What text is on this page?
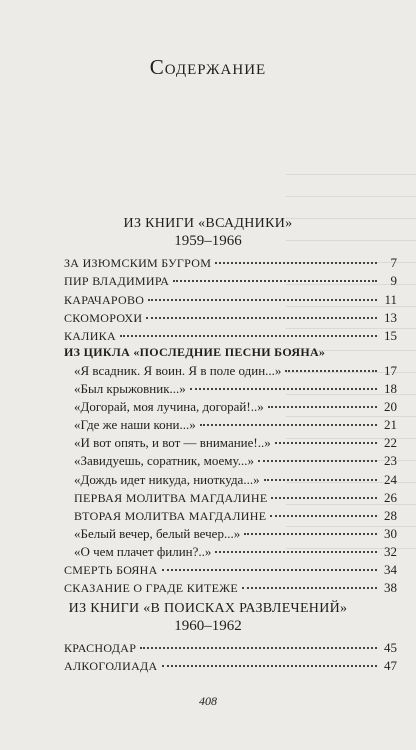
Содержание
ИЗ КНИГИ «ВСАДНИКИ»
1959–1966
ЗА ИЗЮМСКИМ БУГРОМ	7
ПИР ВЛАДИМИРА	9
КАРАЧАРОВО	11
СКОМОРОХИ	13
КАЛИКА	15
ИЗ ЦИКЛА «ПОСЛЕДНИЕ ПЕСНИ БОЯНА»
«Я всадник. Я воин. Я в поле один...»	17
«Был крыжовник...»	18
«Догорай, моя лучина, догорай!..»	20
«Где же наши кони...»	21
«И вот опять, и вот — внимание!..»	22
«Завидуешь, соратник, моему...»	23
«Дождь идет никуда, ниоткуда...»	24
ПЕРВАЯ МОЛИТВА МАГДАЛИНЕ	26
ВТОРАЯ МОЛИТВА МАГДАЛИНЕ	28
«Белый вечер, белый вечер...»	30
«О чем плачет филин?..»	32
СМЕРТЬ БОЯНА	34
СКАЗАНИЕ О ГРАДЕ КИТЕЖЕ	38
ИЗ КНИГИ «В ПОИСКАХ РАЗВЛЕЧЕНИЙ»
1960–1962
КРАСНОДАР	45
АЛКОГОЛИАДА	47
408
